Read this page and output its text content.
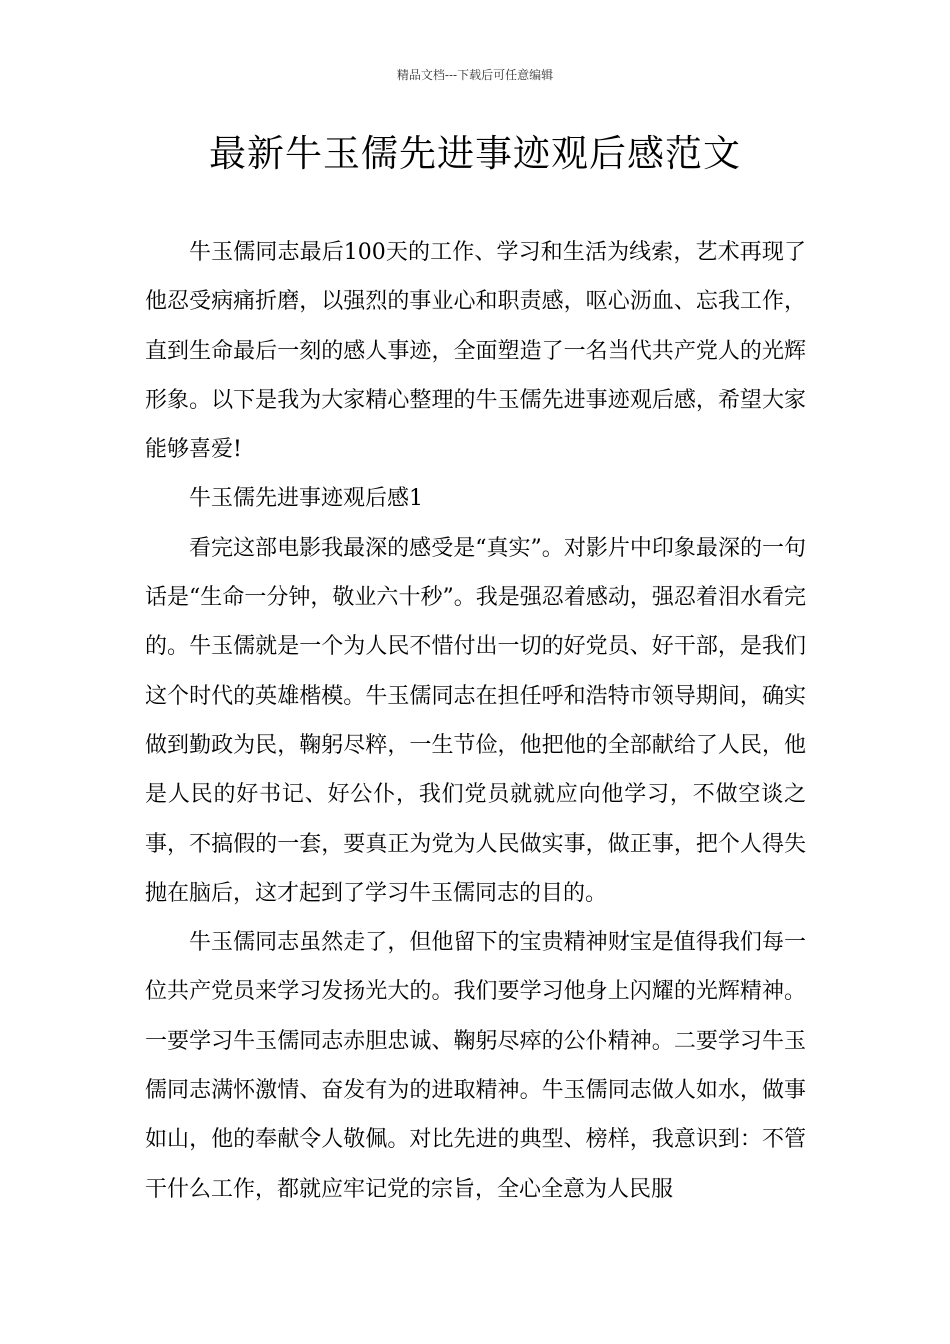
精品文档---下载后可任意编辑
最新牛玉儒先进事迹观后感范文

牛玉儒同志最后100天的工作、学习和生活为线索，艺术再现了他忍受病痛折磨，以强烈的事业心和职责感，呕心沥血、忘我工作，直到生命最后一刻的感人事迹，全面塑造了一名当代共产党人的光辉形象。以下是我为大家精心整理的牛玉儒先进事迹观后感，希望大家能够喜爱!

牛玉儒先进事迹观后感1

看完这部电影我最深的感受是“真实”。对影片中印象最深的一句话是“生命一分钟，敬业六十秒”。我是强忍着感动，强忍着泪水看完的。牛玉儒就是一个为人民不惜付出一切的好党员、好干部，是我们这个时代的英雄楷模。牛玉儒同志在担任呼和浩特市领导期间，确实做到勤政为民，鞠躬尽粹，一生节俭，他把他的全部献给了人民，他是人民的好书记、好公仆，我们党员就就应向他学习，不做空谈之事，不搞假的一套，要真正为党为人民做实事，做正事，把个人得失抛在脑后，这才起到了学习牛玉儒同志的目的。

牛玉儒同志虽然走了，但他留下的宝贵精神财宝是值得我们每一位共产党员来学习发扬光大的。我们要学习他身上闪耀的光辉精神。一要学习牛玉儒同志赤胆忠诚、鞠躬尽瘁的公仆精神。二要学习牛玉儒同志满怀激情、奋发有为的进取精神。牛玉儒同志做人如水，做事如山，他的奉献令人敬佩。对比先进的典型、榜样，我意识到：不管干什么工作，都就应牢记党的宗旨，全心全意为人民服
